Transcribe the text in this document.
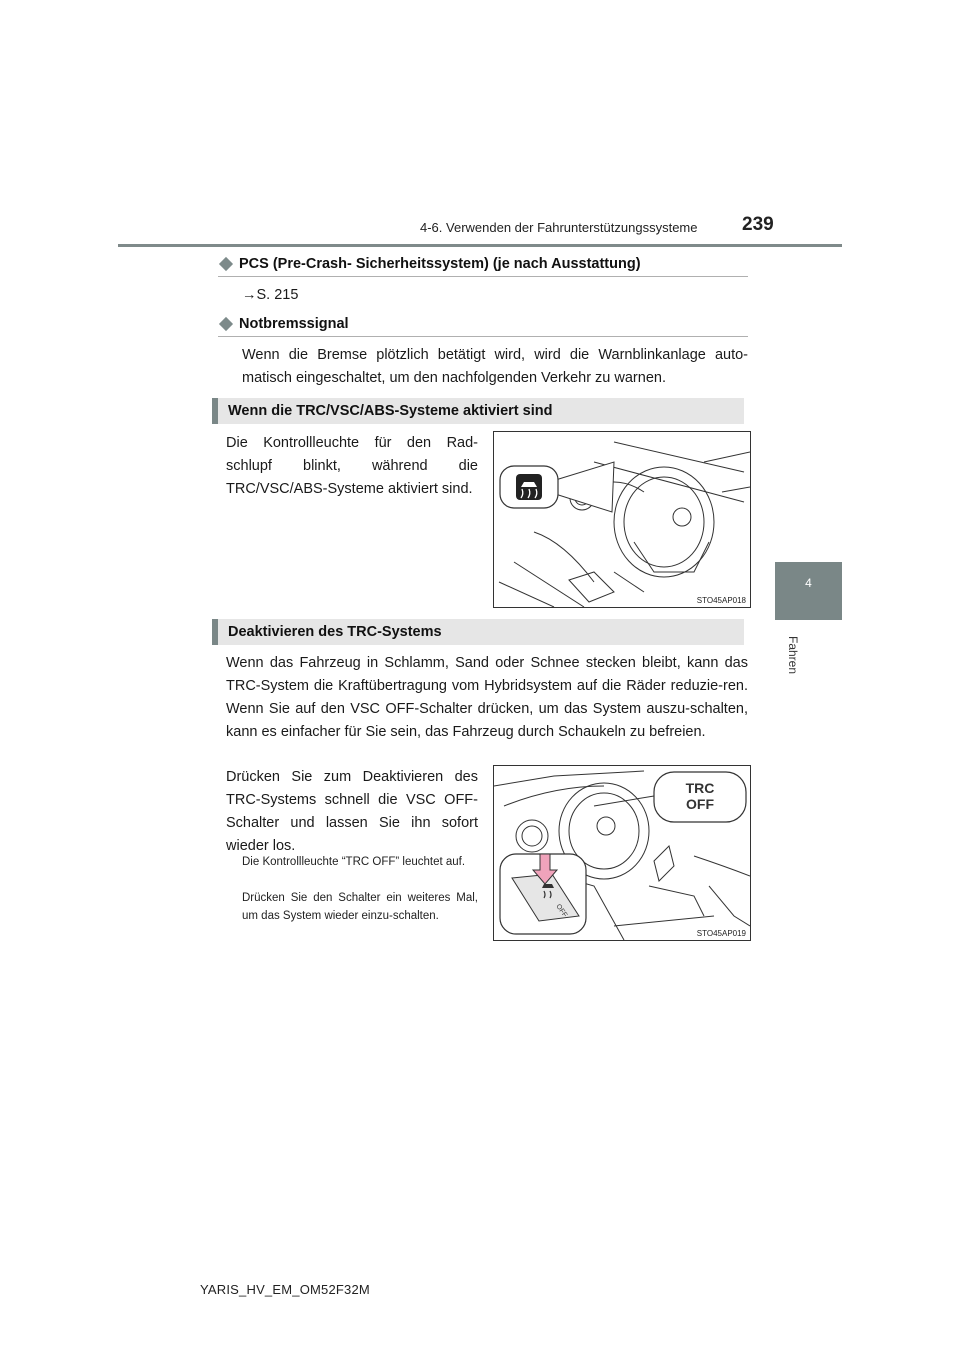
4-6. Verwenden der Fahrunterstützungssysteme 239
4
Fahren
PCS (Pre-Crash- Sicherheitssystem) (je nach Ausstattung)
→S. 215
Notbremssignal
Wenn die Bremse plötzlich betätigt wird, wird die Warnblinkanlage auto-matisch eingeschaltet, um den nachfolgenden Verkehr zu warnen.
Wenn die TRC/VSC/ABS-Systeme aktiviert sind
Die Kontrollleuchte für den Rad-schlupf blinkt, während die TRC/VSC/ABS-Systeme aktiviert sind.
STO45AP018
Deaktivieren des TRC-Systems
Wenn das Fahrzeug in Schlamm, Sand oder Schnee stecken bleibt, kann das TRC-System die Kraftübertragung vom Hybridsystem auf die Räder reduzie-ren. Wenn Sie auf den VSC OFF-Schalter drücken, um das System auszu-schalten, kann es einfacher für Sie sein, das Fahrzeug durch Schaukeln zu befreien.
Drücken Sie zum Deaktivieren des TRC-Systems schnell die VSC OFF-Schalter und lassen Sie ihn sofort wieder los.
Die Kontrollleuchte “TRC OFF” leuchtet auf.
Drücken Sie den Schalter ein weiteres Mal, um das System wieder einzu-schalten.
TRC
OFF
OFF
STO45AP019
YARIS_HV_EM_OM52F32M
